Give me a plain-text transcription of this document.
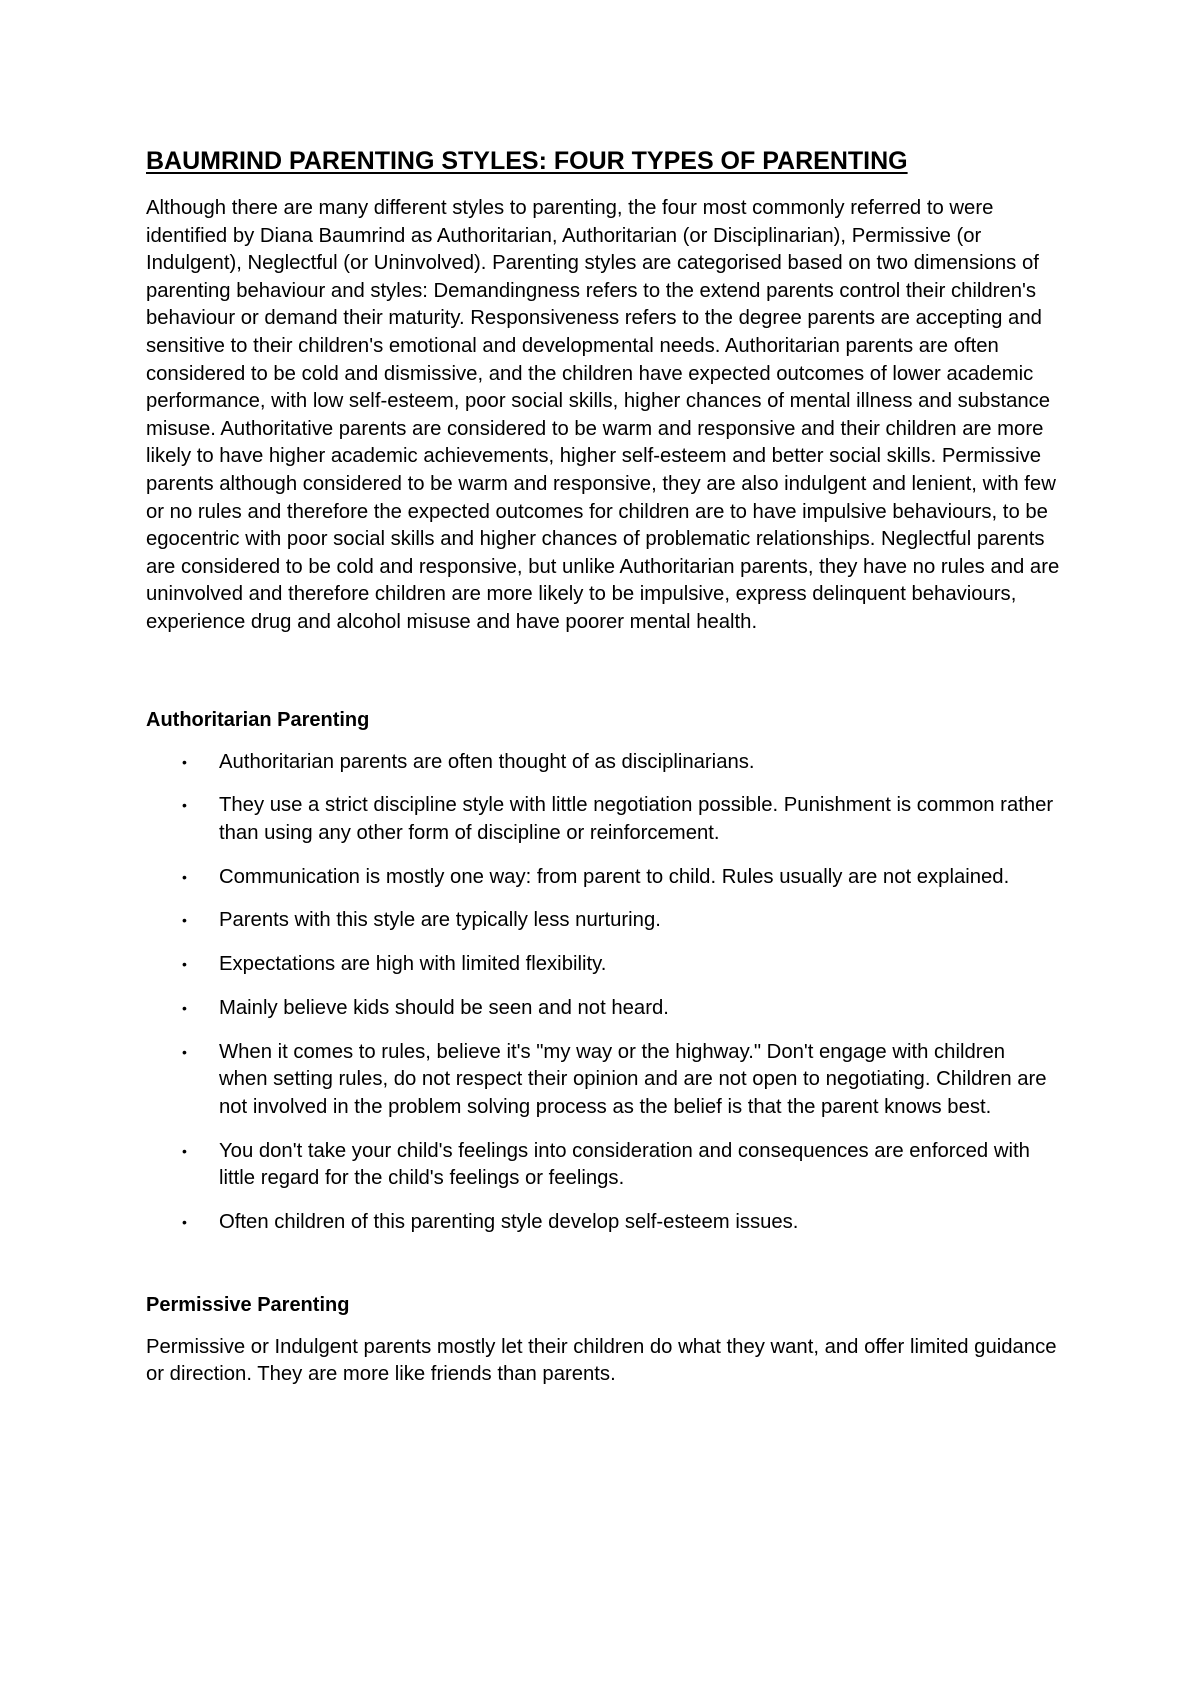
BAUMRIND PARENTING STYLES: FOUR TYPES OF PARENTING

Although there are many different styles to parenting, the four most commonly referred to were identified by Diana Baumrind as Authoritarian, Authoritarian (or Disciplinarian), Permissive (or Indulgent), Neglectful (or Uninvolved). Parenting styles are categorised based on two dimensions of parenting behaviour and styles: Demandingness refers to the extend parents control their children's behaviour or demand their maturity. Responsiveness refers to the degree parents are accepting and sensitive to their children's emotional and developmental needs. Authoritarian parents are often considered to be cold and dismissive, and the children have expected outcomes of lower academic performance, with low self-esteem, poor social skills, higher chances of mental illness and substance misuse. Authoritative parents are considered to be warm and responsive and their children are more likely to have higher academic achievements, higher self-esteem and better social skills. Permissive parents although considered to be warm and responsive, they are also indulgent and lenient, with few or no rules and therefore the expected outcomes for children are to have impulsive behaviours, to be egocentric with poor social skills and higher chances of problematic relationships. Neglectful parents are considered to be cold and responsive, but unlike Authoritarian parents, they have no rules and are uninvolved and therefore children are more likely to be impulsive, express delinquent behaviours, experience drug and alcohol misuse and have poorer mental health.

Authoritarian Parenting
• Authoritarian parents are often thought of as disciplinarians.
• They use a strict discipline style with little negotiation possible. Punishment is common rather than using any other form of discipline or reinforcement.
• Communication is mostly one way: from parent to child. Rules usually are not explained.
• Parents with this style are typically less nurturing.
• Expectations are high with limited flexibility.
• Mainly believe kids should be seen and not heard.
• When it comes to rules, believe it's "my way or the highway." Don't engage with children when setting rules, do not respect their opinion and are not open to negotiating. Children are not involved in the problem solving process as the belief is that the parent knows best.
• You don't take your child's feelings into consideration and consequences are enforced with little regard for the child's feelings or feelings.
• Often children of this parenting style develop self-esteem issues.
Permissive Parenting

Permissive or Indulgent parents mostly let their children do what they want, and offer limited guidance or direction. They are more like friends than parents.
